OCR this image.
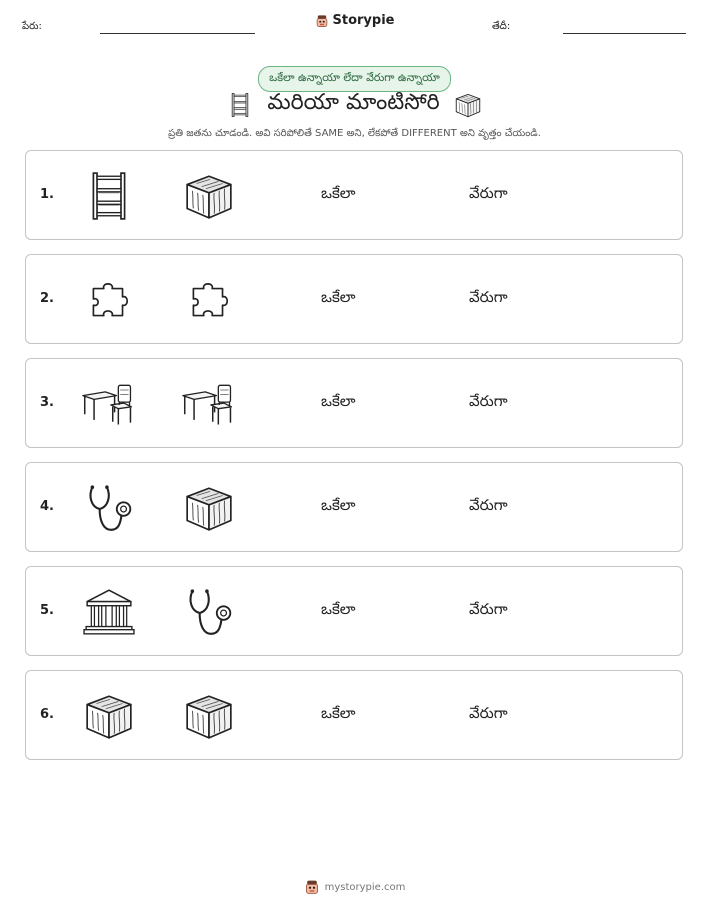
పేరు:	Storypie	తేదీ:
ఒకేలా ఉన్నాయా లేదా వేరుగా ఉన్నాయా
మరియా మాంటిసోరి
ప్రతి జతను చూడండి. అవి సరిపోలితే SAME అని, లేకపోతే DIFFERENT అని వృత్తం చేయండి.
1.	ఒకేలా	వేరుగా
2.	ఒకేలా	వేరుగా
3.	ఒకేలా	వేరుగా
4.	ఒకేలా	వేరుగా
5.	ఒకేలా	వేరుగా
6.	ఒకేలా	వేరుగా
mystorypie.com
